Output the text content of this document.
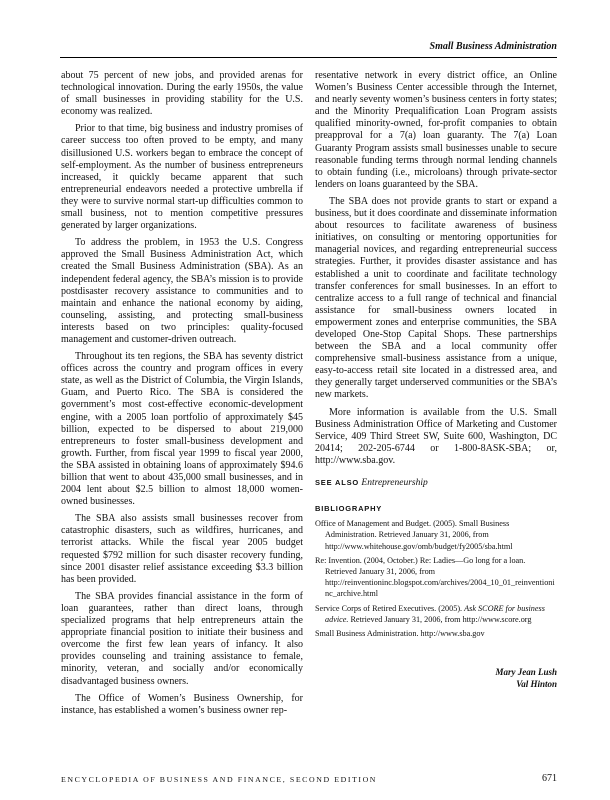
Small Business Administration

about 75 percent of new jobs, and provided arenas for technological innovation. During the early 1950s, the value of small businesses in providing stability for the U.S. economy was realized.

Prior to that time, big business and industry promises of career success too often proved to be empty, and many disillusioned U.S. workers began to embrace the concept of self-employment. As the number of business entrepreneurs increased, it quickly became apparent that such entrepreneurial endeavors needed a protective umbrella if they were to survive normal start-up difficulties common to small business, not to mention competitive pressures generated by larger organizations.

To address the problem, in 1953 the U.S. Congress approved the Small Business Administration Act, which created the Small Business Administration (SBA). As an independent federal agency, the SBA’s mission is to provide postdisaster recovery assistance to communities and to maintain and enhance the national economy by aiding, counseling, assisting, and protecting small-business interests based on two principles: quality-focused management and customer-driven outreach.

Throughout its ten regions, the SBA has seventy district offices across the country and program offices in every state, as well as the District of Columbia, the Virgin Islands, Guam, and Puerto Rico. The SBA is considered the government’s most cost-effective economic-development engine, with a 2005 loan portfolio of approximately $45 billion, expected to be dispersed to about 219,000 entrepreneurs to foster small-business development and growth. Further, from fiscal year 1999 to fiscal year 2000, the SBA assisted in obtaining loans of approximately $94.6 billion that went to about 435,000 small businesses, and in 2004 lent about $2.5 billion to almost 18,000 women-owned businesses.

The SBA also assists small businesses recover from catastrophic disasters, such as wildfires, hurricanes, and terrorist attacks. While the fiscal year 2005 budget requested $792 million for such disaster recovery funding, since 2001 disaster relief assistance exceeding $3.3 billion has been provided.

The SBA provides financial assistance in the form of loan guarantees, rather than direct loans, through specialized programs that help entrepreneurs attain the appropriate financial position to initiate their business and overcome the first few lean years of infancy. It also provides counseling and training assistance to female, minority, veteran, and socially and/or economically disadvantaged business owners.

The Office of Women’s Business Ownership, for instance, has established a women’s business owner rep-

resentative network in every district office, an Online Women’s Business Center accessible through the Internet, and nearly seventy women’s business centers in forty states; and the Minority Prequalification Loan Program assists qualified minority-owned, for-profit companies to obtain preapproval for a 7(a) loan guaranty. The 7(a) Loan Guaranty Program assists small businesses unable to secure reasonable funding terms through normal lending channels to obtain funding (i.e., microloans) through private-sector lenders on loans guaranteed by the SBA.

The SBA does not provide grants to start or expand a business, but it does coordinate and disseminate information about resources to facilitate awareness of business initiatives, on consulting or mentoring opportunities for managerial novices, and regarding entrepreneurial success strategies. Further, it provides disaster assistance and has established a unit to coordinate and facilitate technology transfer conferences for small businesses. In an effort to centralize access to a full range of technical and financial assistance for small-business owners located in empowerment zones and enterprise communities, the SBA developed One-Stop Capital Shops. These partnerships between the SBA and a local community offer comprehensive small-business assistance from a unique, easy-to-access retail site located in a distressed area, and they generally target underserved communities or the SBA’s new markets.

More information is available from the U.S. Small Business Administration Office of Marketing and Customer Service, 409 Third Street SW, Suite 600, Washington, DC 20414; 202-205-6744 or 1-800-8ASK-SBA; or, http://www.sba.gov.

SEE ALSO Entrepreneurship
BIBLIOGRAPHY
Office of Management and Budget. (2005). Small Business Administration. Retrieved January 31, 2006, from http://www.whitehouse.gov/omb/budget/fy2005/sba.html
Re: Invention. (2004, October.) Re: Ladies—Go long for a loan. Retrieved January 31, 2006, from http://reinventioninc.blogspot.com/archives/2004_10_01_reinventioninc_archive.html
Service Corps of Retired Executives. (2005). Ask SCORE for business advice. Retrieved January 31, 2006, from http://www.score.org
Small Business Administration. http://www.sba.gov
Mary Jean Lush
Val Hinton
ENCYCLOPEDIA OF BUSINESS AND FINANCE, SECOND EDITION	671
